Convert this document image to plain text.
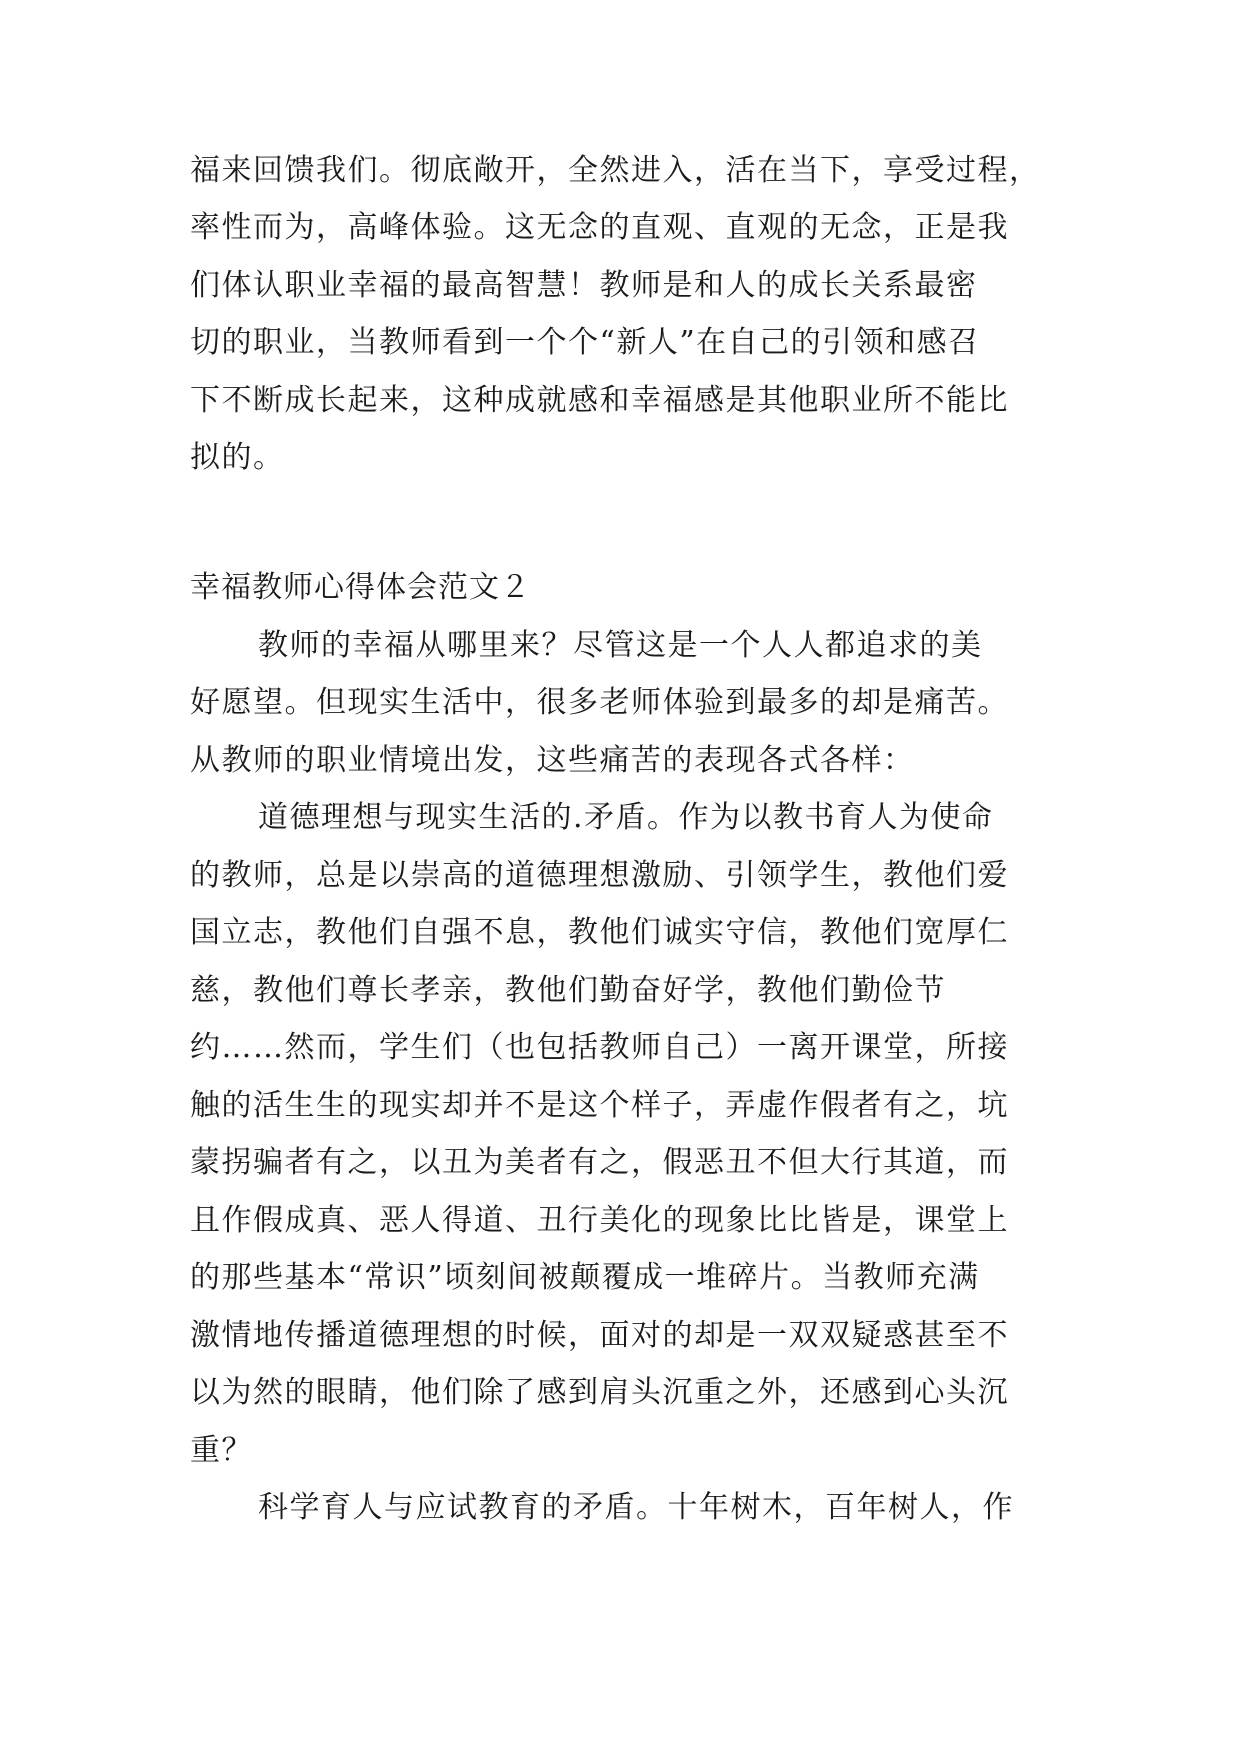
福来回馈我们。彻底敞开，全然进入，活在当下，享受过程，
率性而为，高峰体验。这无念的直观、直观的无念，正是我
们体认职业幸福的最高智慧！教师是和人的成长关系最密
切的职业，当教师看到一个个“新人”在自己的引领和感召
下不断成长起来，这种成就感和幸福感是其他职业所不能比
拟的。
幸福教师心得体会范文２
教师的幸福从哪里来？尽管这是一个人人都追求的美
好愿望。但现实生活中，很多老师体验到最多的却是痛苦。
从教师的职业情境出发，这些痛苦的表现各式各样：
道德理想与现实生活的.矛盾。作为以教书育人为使命
的教师，总是以崇高的道德理想激励、引领学生，教他们爱
国立志，教他们自强不息，教他们诚实守信，教他们宽厚仁
慈，教他们尊长孝亲，教他们勤奋好学，教他们勤俭节
约……然而，学生们（也包括教师自己）一离开课堂，所接
触的活生生的现实却并不是这个样子，弄虚作假者有之，坑
蒙拐骗者有之，以丑为美者有之，假恶丑不但大行其道，而
且作假成真、恶人得道、丑行美化的现象比比皆是，课堂上
的那些基本“常识”顷刻间被颠覆成一堆碎片。当教师充满
激情地传播道德理想的时候，面对的却是一双双疑惑甚至不
以为然的眼睛，他们除了感到肩头沉重之外，还感到心头沉
重？
科学育人与应试教育的矛盾。十年树木，百年树人，作
